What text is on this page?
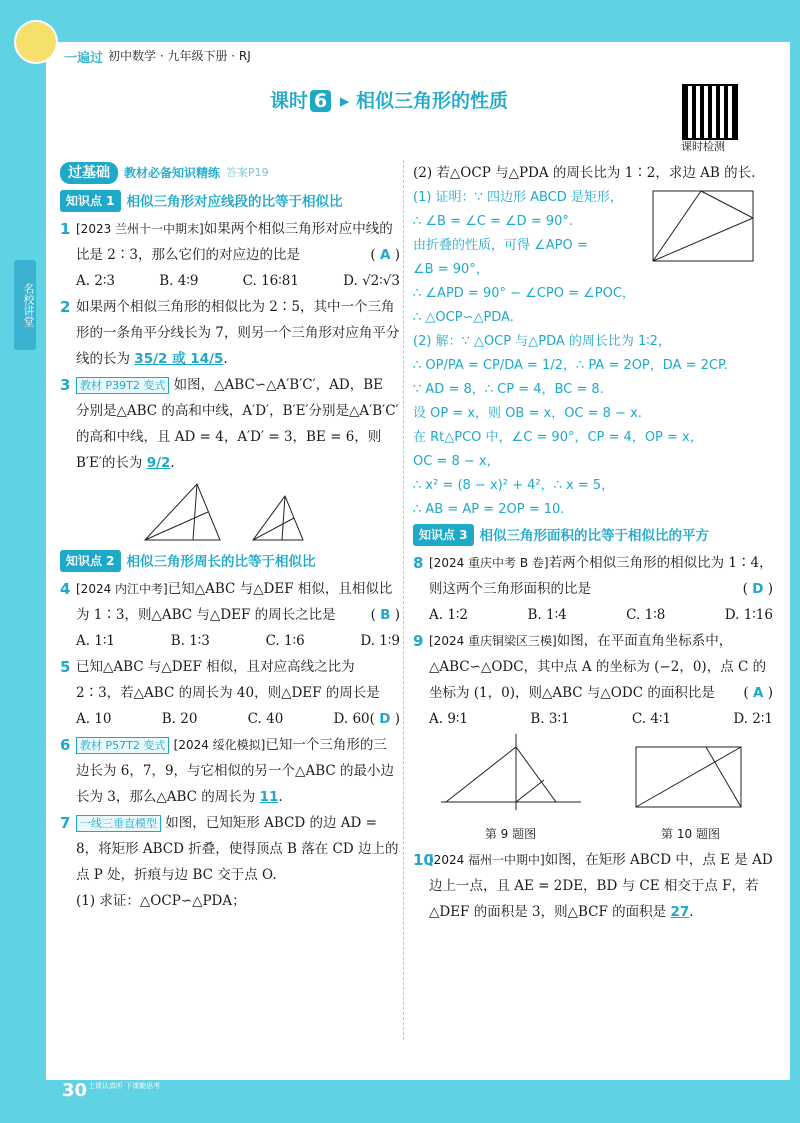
一遍过 初中数学 · 九年级下册 · RJ
名校讲堂
课时 6 ▸ 相似三角形的性质
课时检测
过基础	教材必备知识精练 答案P19
知识点 1 相似三角形对应线段的比等于相似比
1 [2023 兰州十一中期末]如果两个相似三角形对应中线的比是 2∶3，那么它们的对应边的比是	( A )
A. 2∶3	B. 4∶9	C. 16∶81	D. √2∶√3
2 如果两个相似三角形的相似比为 2∶5，其中一个三角形的一条角平分线长为 7，则另一个三角形对应角平分线的长为 35/2 或 14/5.
3 教材 P39T2 变式 如图，△ABC∽△A′B′C′，AD，BE 分别是△ABC 的高和中线，A′D′，B′E′分别是△A′B′C′的高和中线，且 AD = 4，A′D′ = 3，BE = 6，则 B′E′的长为 9/2.
知识点 2 相似三角形周长的比等于相似比
4 [2024 内江中考]已知△ABC 与△DEF 相似，且相似比为 1∶3，则△ABC 与△DEF 的周长之比是	( B )
A. 1∶1	B. 1∶3	C. 1∶6	D. 1∶9
5 已知△ABC 与△DEF 相似，且对应高线之比为 2∶3，若△ABC 的周长为 40，则△DEF 的周长是
( D )
A. 10	B. 20	C. 40	D. 60
6 教材 P57T2 变式 [2024 绥化模拟]已知一个三角形的三边长为 6，7，9，与它相似的另一个△ABC 的最小边长为 3，那么△ABC 的周长为 11.
7 一线三垂直模型 如图，已知矩形 ABCD 的边 AD = 8，将矩形 ABCD 折叠，使得顶点 B 落在 CD 边上的点 P 处，折痕与边 BC 交于点 O.
(1) 求证：△OCP∽△PDA；
(2) 若△OCP 与△PDA 的周长比为 1∶2，求边 AB 的长.
(1) 证明：∵ 四边形 ABCD 是矩形，
∴ ∠B = ∠C = ∠D = 90°.
由折叠的性质，可得 ∠APO =
∠B = 90°，
∴ ∠APD = 90° − ∠CPO = ∠POC，
∴ △OCP∽△PDA.
(2) 解：∵ △OCP 与△PDA 的周长比为 1∶2，
∴ OP/PA = CP/DA = 1/2，∴ PA = 2OP，DA = 2CP.
∵ AD = 8，∴ CP = 4，BC = 8.
设 OP = x，则 OB = x，OC = 8 − x.
在 Rt△PCO 中，∠C = 90°，CP = 4，OP = x，
OC = 8 − x，
∴ x² = (8 − x)² + 4²，∴ x = 5，
∴ AB = AP = 2OP = 10.
知识点 3 相似三角形面积的比等于相似比的平方
8 [2024 重庆中考 B 卷]若两个相似三角形的相似比为 1∶4，则这两个三角形面积的比是	( D )
A. 1∶2	B. 1∶4	C. 1∶8	D. 1∶16
9 [2024 重庆铜梁区三模]如图，在平面直角坐标系中，△ABC∽△ODC，其中点 A 的坐标为 (−2，0)，点 C 的坐标为 (1，0)，则△ABC 与△ODC 的面积比是 ( A )
A. 9∶1	B. 3∶1	C. 4∶1	D. 2∶1
第 9 题图	第 10 题图
10
[2024 福州一中期中]如图，在矩形 ABCD 中，点 E 是 AD 边上一点，且 AE = 2DE，BD 与 CE 相交于点 F，若△DEF 的面积是 3，则△BCF 的面积是 27.
30 上课认真听 下课勤思考
